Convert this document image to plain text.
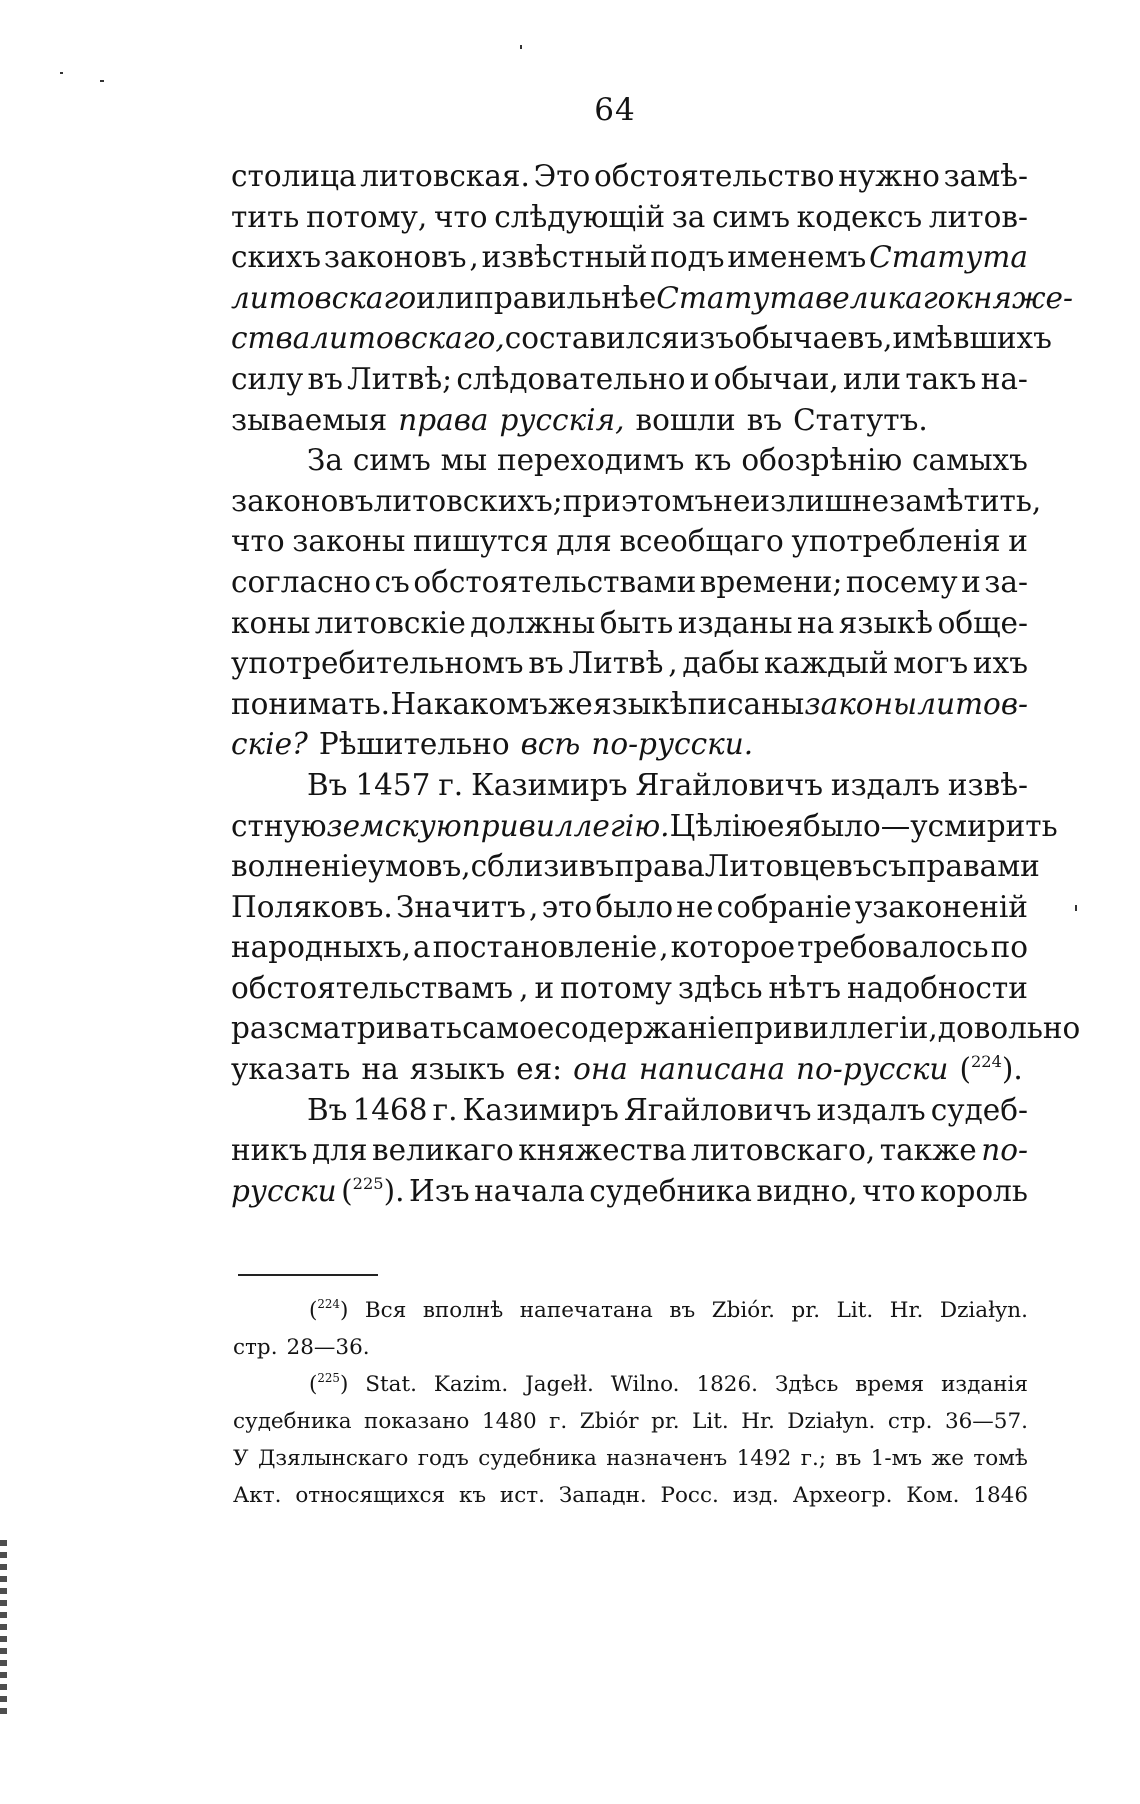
64
столица литовская. Это обстоятельство нужно замѣ-
тить потому, что слѣдующій за симъ кодексъ литов-
скихъ законовъ , извѣстный подъ именемъ Статута
литовскаго или правильнѣе Статута великаго княже-
ства литовскаго, составился изъ обычаевъ , имѣвшихъ
силу въ Литвѣ; слѣдовательно и обычаи, или такъ на-
зываемыя права русскія, вошли въ Статутъ.
За симъ мы переходимъ къ обозрѣнію самыхъ
законовъ литовскихъ; при этомъ не излишне замѣтить,
что законы пишутся для всеобщаго употребленія и
согласно съ обстоятельствами времени; посему и за-
коны литовскіе должны быть изданы на языкѣ обще-
употребительномъ въ Литвѣ , дабы каждый могъ ихъ
понимать. На какомъ же языкѣ писаны законы литов-
скіе? Рѣшительно всѣ по-русски.
Въ 1457 г. Казимиръ Ягайловичъ издалъ извѣ-
стную земскую привиллегію. Цѣлію ея было—усмирить
волненіе умовъ, сблизивъ права Литовцевъ съ правами
Поляковъ. Значитъ , это было не собраніе узаконеній
народныхъ, а постановленіе , которое требовалось по
обстоятельствамъ , и потому здѣсь нѣтъ надобности
разсматривать самое содержаніе привиллегіи, довольно
указать на языкъ ея: она написана по-русски ($^{224}$).
Въ 1468 г. Казимиръ Ягайловичъ издалъ судеб-
никъ для великаго княжества литовскаго, также по-
русски ($^{225}$). Изъ начала судебника видно, что король
($^{224}$) Вся вполнѣ напечатана въ Zbiór. pr. Lit. Hr. Działyn.
стр. 28—36.
($^{225}$) Stat. Kazim. Jagełł. Wilno. 1826. Здѣсь время изданія
судебника показано 1480 г. Zbiór pr. Lit. Hr. Działyn. стр. 36—57.
У Дзялынскаго годъ судебника назначенъ 1492 г.; въ 1-мъ же томѣ
Акт. относящихся къ ист. Западн. Росс. изд. Археогр. Ком. 1846
